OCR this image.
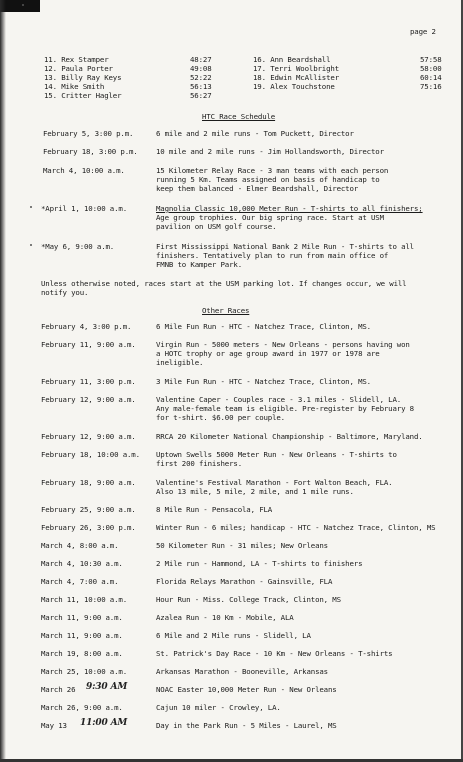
page 2
11. Rex Stamper	48:27
12. Paula Porter	49:08
13. Billy Ray Keys	52:22
14. Mike Smith	56:13
15. Critter Hagler	56:27
16. Ann Beardshall	57:58
17. Terri Woolbright	58:00
18. Edwin McAllister	60:14
19. Alex Touchstone	75:16
HTC Race Schedule
February 5, 3:00 p.m.	6 mile and 2 mile runs - Tom Puckett, Director
February 18, 3:00 p.m. 10 mile and 2 mile runs - Jim Hollandsworth, Director
March 4, 10:00 a.m.	15 Kilometer Relay Race - 3 man teams with each person
running 5 Km. Teams assigned on basis of handicap to
keep them balanced - Elmer Beardshall, Director
*April 1, 10:00 a.m.	Magnolia Classic 10,000 Meter Run - T-shirts to all finishers;
Age group trophies. Our big spring race. Start at USM
pavilion on USM golf course.
*May 6, 9:00 a.m.	First Mississippi National Bank 2 Mile Run - T-shirts to all
finishers. Tentatively plan to run from main office of
FMNB to Kamper Park.
Unless otherwise noted, races start at the USM parking lot. If changes occur, we will
notify you.
Other Races
February 4, 3:00 p.m.	6 Mile Fun Run - HTC - Natchez Trace, Clinton, MS.
February 11, 9:00 a.m.	Virgin Run - 5000 meters - New Orleans - persons having won
a HOTC trophy or age group award in 1977 or 1978 are
ineligible.
February 11, 3:00 p.m.	3 Mile Fun Run - HTC - Natchez Trace, Clinton, MS.
February 12, 9:00 a.m.	Valentine Caper - Couples race - 3.1 miles - Slidell, LA.
Any male-female team is eligible. Pre-register by February 8
for t-shirt. $6.00 per couple.
February 12, 9:00 a.m.	RRCA 20 Kilometer National Championship - Baltimore, Maryland.
February 18, 10:00 a.m. Uptown Swells 5000 Meter Run - New Orleans - T-shirts to
first 200 finishers.
February 18, 9:00 a.m.	Valentine's Festival Marathon - Fort Walton Beach, FLA.
Also 13 mile, 5 mile, 2 mile, and 1 mile runs.
February 25, 9:00 a.m.	8 Mile Run - Pensacola, FLA
February 26, 3:00 p.m.	Winter Run - 6 miles; handicap - HTC - Natchez Trace, Clinton, MS
March 4, 8:00 a.m.	50 Kilometer Run - 31 miles; New Orleans
March 4, 10:30 a.m.	2 Mile run - Hammond, LA - T-shirts to finishers
March 4, 7:00 a.m.	Florida Relays Marathon - Gainsville, FLA
March 11, 10:00 a.m.	Hour Run - Miss. College Track, Clinton, MS
March 11, 9:00 a.m.	Azalea Run - 10 Km - Mobile, ALA
March 11, 9:00 a.m.	6 Mile and 2 Mile runs - Slidell, LA
March 19, 8:00 a.m.	St. Patrick's Day Race - 10 Km - New Orleans - T-shirts
March 25, 10:00 a.m.	Arkansas Marathon - Booneville, Arkansas
March 26 9:30 AM	NOAC Easter 10,000 Meter Run - New Orleans
March 26, 9:00 a.m.	Cajun 10 miler - Crowley, LA.
May 13 11:00 AM	Day in the Park Run - 5 Miles - Laurel, MS
